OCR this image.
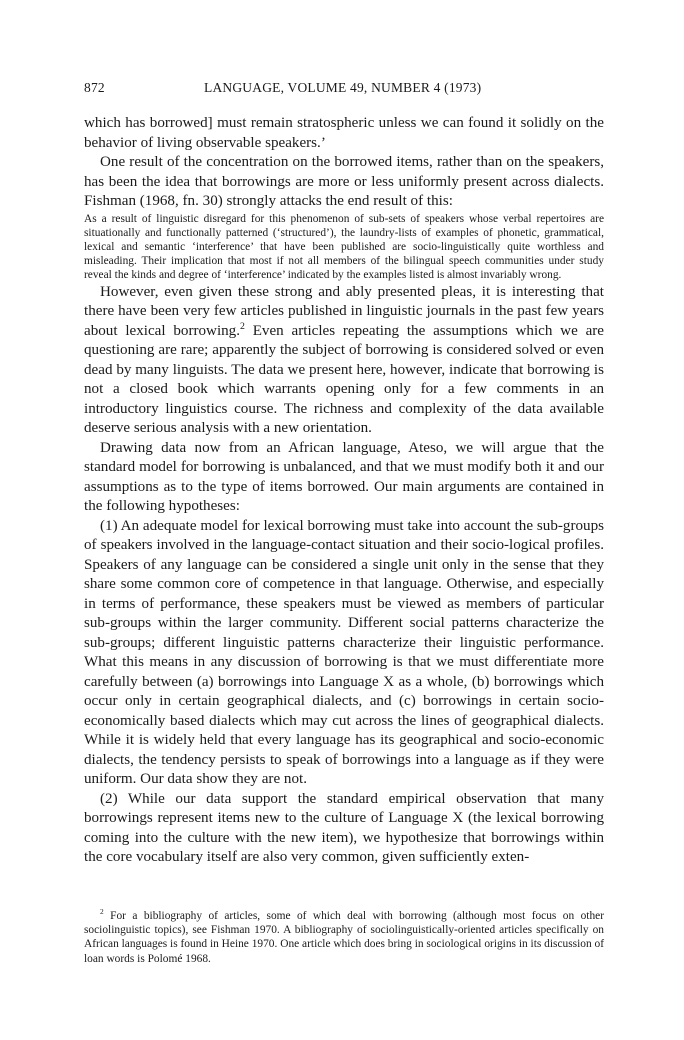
872	LANGUAGE, VOLUME 49, NUMBER 4 (1973)

which has borrowed] must remain stratospheric unless we can found it solidly on the behavior of living observable speakers.’

One result of the concentration on the borrowed items, rather than on the speakers, has been the idea that borrowings are more or less uniformly present across dialects. Fishman (1968, fn. 30) strongly attacks the end result of this:

As a result of linguistic disregard for this phenomenon of sub-sets of speakers whose verbal repertoires are situationally and functionally patterned (‘structured’), the laundry-lists of examples of phonetic, grammatical, lexical and semantic ‘interference’ that have been published are socio-linguistically quite worthless and misleading. Their implication that most if not all members of the bilingual speech communities under study reveal the kinds and degree of ‘interference’ indicated by the examples listed is almost invariably wrong.

However, even given these strong and ably presented pleas, it is interesting that there have been very few articles published in linguistic journals in the past few years about lexical borrowing.$^2$ Even articles repeating the assumptions which we are questioning are rare; apparently the subject of borrowing is considered solved or even dead by many linguists. The data we present here, however, indicate that borrowing is not a closed book which warrants opening only for a few comments in an introductory linguistics course. The richness and complexity of the data available deserve serious analysis with a new orientation.

Drawing data now from an African language, Ateso, we will argue that the standard model for borrowing is unbalanced, and that we must modify both it and our assumptions as to the type of items borrowed. Our main arguments are contained in the following hypotheses:

(1) An adequate model for lexical borrowing must take into account the sub-groups of speakers involved in the language-contact situation and their socio-logical profiles. Speakers of any language can be considered a single unit only in the sense that they share some common core of competence in that language. Otherwise, and especially in terms of performance, these speakers must be viewed as members of particular sub-groups within the larger community. Different social patterns characterize the sub-groups; different linguistic patterns characterize their linguistic performance. What this means in any discussion of borrowing is that we must differentiate more carefully between (a) borrowings into Language X as a whole, (b) borrowings which occur only in certain geographical dialects, and (c) borrowings in certain socio-economically based dialects which may cut across the lines of geographical dialects. While it is widely held that every language has its geographical and socio-economic dialects, the tendency persists to speak of borrowings into a language as if they were uniform. Our data show they are not.

(2) While our data support the standard empirical observation that many borrowings represent items new to the culture of Language X (the lexical borrowing coming into the culture with the new item), we hypothesize that borrowings within the core vocabulary itself are also very common, given sufficiently exten-

$^2$ For a bibliography of articles, some of which deal with borrowing (although most focus on other sociolinguistic topics), see Fishman 1970. A bibliography of sociolinguistically-oriented articles specifically on African languages is found in Heine 1970. One article which does bring in sociological origins in its discussion of loan words is Polomé 1968.
